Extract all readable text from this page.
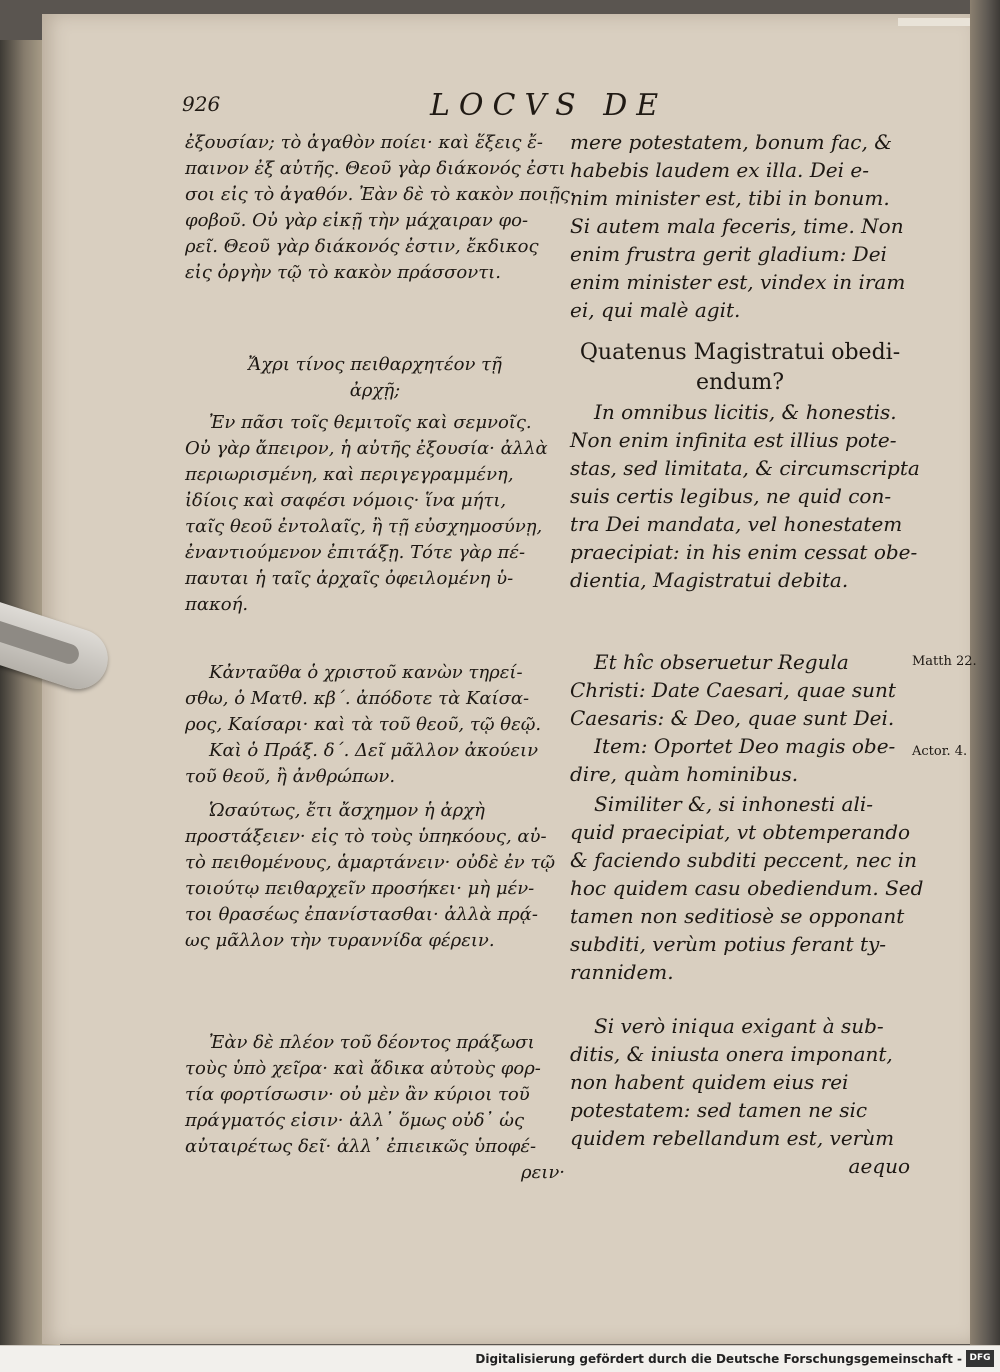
926	LOCVS DE
ἐξουσίαν; τὸ ἀγαθὸν ποίει· καὶ ἕξεις ἔ-
παινον ἐξ αὐτῆς. Θεοῦ γὰρ διάκονός ἐστι
σοι εἰς τὸ ἀγαθόν. Ἐὰν δὲ τὸ κακὸν ποιῇς·
φοβοῦ. Οὐ γὰρ εἰκῇ τὴν μάχαιραν φο-
ρεῖ. Θεοῦ γὰρ διάκονός ἐστιν, ἔκδικος
εἰς ὀργὴν τῷ τὸ κακὸν πράσσοντι.
Ἄχρι τίνος πειθαρχητέον τῇ
ἀρχῇ;
Ἐν πᾶσι τοῖς θεμιτοῖς καὶ σεμνοῖς.
Οὐ γὰρ ἄπειρον, ἡ αὐτῆς ἐξουσία· ἀλλὰ
περιωρισμένη, καὶ περιγεγραμμένη,
ἰδίοις καὶ σαφέσι νόμοις· ἵνα μήτι,
ταῖς θεοῦ ἐντολαῖς, ἢ τῇ εὐσχημοσύνῃ,
ἐναντιούμενον ἐπιτάξῃ. Τότε γὰρ πέ-
παυται ἡ ταῖς ἀρχαῖς ὀφειλομένη ὑ-
πακοή.
Κἀνταῦθα ὁ χριστοῦ κανὼν τηρεί-
σθω, ὁ Ματθ. κβ΄. ἀπόδοτε τὰ Καίσα-
ρος, Καίσαρι· καὶ τὰ τοῦ θεοῦ, τῷ θεῷ.
Καὶ ὁ Πράξ. δ΄. Δεῖ μᾶλλον ἀκούειν
τοῦ θεοῦ, ἢ ἀνθρώπων.
Ὡσαύτως, ἔτι ἄσχημον ἡ ἀρχὴ
προστάξειεν· εἰς τὸ τοὺς ὑπηκόους, αὐ-
τὸ πειθομένους, ἁμαρτάνειν· οὐδὲ ἐν τῷ
τοιούτῳ πειθαρχεῖν προσήκει· μὴ μέν-
τοι θρασέως ἐπανίστασθαι· ἀλλὰ πρᾴ-
ως μᾶλλον τὴν τυραννίδα φέρειν.
Ἐὰν δὲ πλέον τοῦ δέοντος πράξωσι
τοὺς ὑπὸ χεῖρα· καὶ ἄδικα αὐτοὺς φορ-
τία φορτίσωσιν· οὐ μὲν ἂν κύριοι τοῦ
πράγματός εἰσιν· ἀλλ᾽ ὅμως οὐδ᾽ ὡς
αὐταιρέτως δεῖ· ἀλλ᾽ ἐπιεικῶς ὑποφέ-
ρειν·
mere potestatem, bonum fac, &
habebis laudem ex illa. Dei e-
nim minister est, tibi in bonum.
Si autem mala feceris, time. Non
enim frustra gerit gladium: Dei
enim minister est, vindex in iram
ei, qui malè agit.
Quatenus Magistratui obedi-
endum?
In omnibus licitis, & honestis.
Non enim infinita est illius pote-
stas, sed limitata, & circumscripta
suis certis legibus, ne quid con-
tra Dei mandata, vel honestatem
praecipiat: in his enim cessat obe-
dientia, Magistratui debita.
Et hîc obseruetur Regula
Christi: Date Caesari, quae sunt
Caesaris: & Deo, quae sunt Dei.
Item: Oportet Deo magis obe-
dire, quàm hominibus.
Similiter &, si inhonesti ali-
quid praecipiat, vt obtemperando
& faciendo subditi peccent, nec in
hoc quidem casu obediendum. Sed
tamen non seditiosè se opponant
subditi, verùm potius ferant ty-
rannidem.
Si verò iniqua exigant à sub-
ditis, & iniusta onera imponant,
non habent quidem eius rei
potestatem: sed tamen ne sic
quidem rebellandum est, verùm
aequo
Matth 22.
Actor. 4.
Digitalisierung gefördert durch die Deutsche Forschungsgemeinschaft - DFG
